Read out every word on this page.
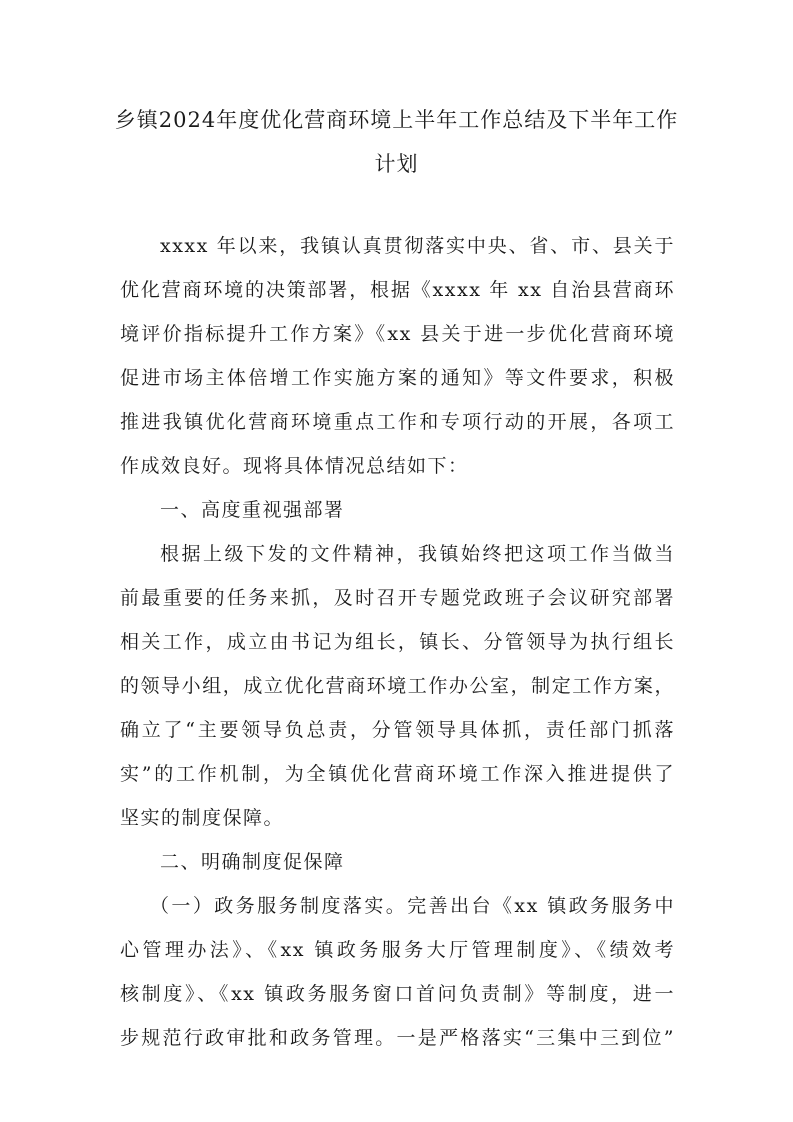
乡镇2024年度优化营商环境上半年工作总结及下半年工作
计划
xxxx 年以来，我镇认真贯彻落实中央、省、市、县关于
优化营商环境的决策部署，根据《xxxx 年 xx 自治县营商环
境评价指标提升工作方案》《xx 县关于进一步优化营商环境
促进市场主体倍增工作实施方案的通知》等文件要求，积极
推进我镇优化营商环境重点工作和专项行动的开展，各项工
作成效良好。现将具体情况总结如下：
一、高度重视强部署
根据上级下发的文件精神，我镇始终把这项工作当做当
前最重要的任务来抓，及时召开专题党政班子会议研究部署
相关工作，成立由书记为组长，镇长、分管领导为执行组长
的领导小组，成立优化营商环境工作办公室，制定工作方案，
确立了“主要领导负总责，分管领导具体抓，责任部门抓落
实”的工作机制，为全镇优化营商环境工作深入推进提供了
坚实的制度保障。
二、明确制度促保障
（一）政务服务制度落实。完善出台《xx 镇政务服务中
心管理办法》、《xx 镇政务服务大厅管理制度》、《绩效考
核制度》、《xx 镇政务服务窗口首问负责制》等制度，进一
步规范行政审批和政务管理。一是严格落实“三集中三到位”
